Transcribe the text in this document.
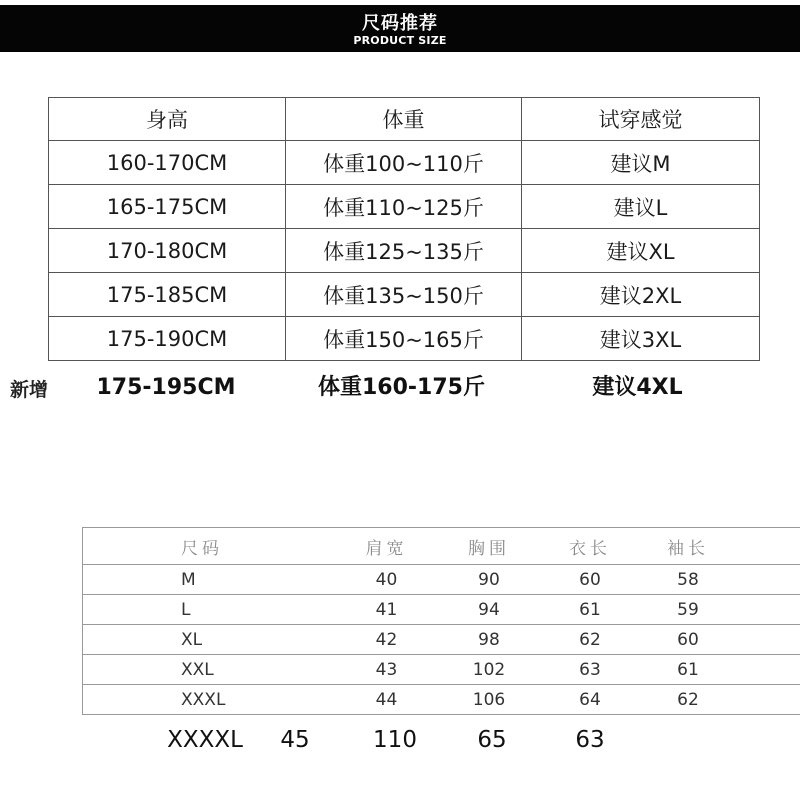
尺码推荐
PRODUCT SIZE
身高	体重	试穿感觉
160-170CM	体重100~110斤	建议M
165-175CM	体重110~125斤	建议L
170-180CM	体重125~135斤	建议XL
175-185CM	体重135~150斤	建议2XL
175-190CM	体重150~165斤	建议3XL
新增	175-195CM	体重160-175斤	建议4XL
尺码	肩宽	胸围	衣长	袖长	
M	40	90	60	58	
L	41	94	61	59	
XL	42	98	62	60	
XXL	43	102	63	61	
XXXL	44	106	64	62	
XXXXL	45	110	65	63
